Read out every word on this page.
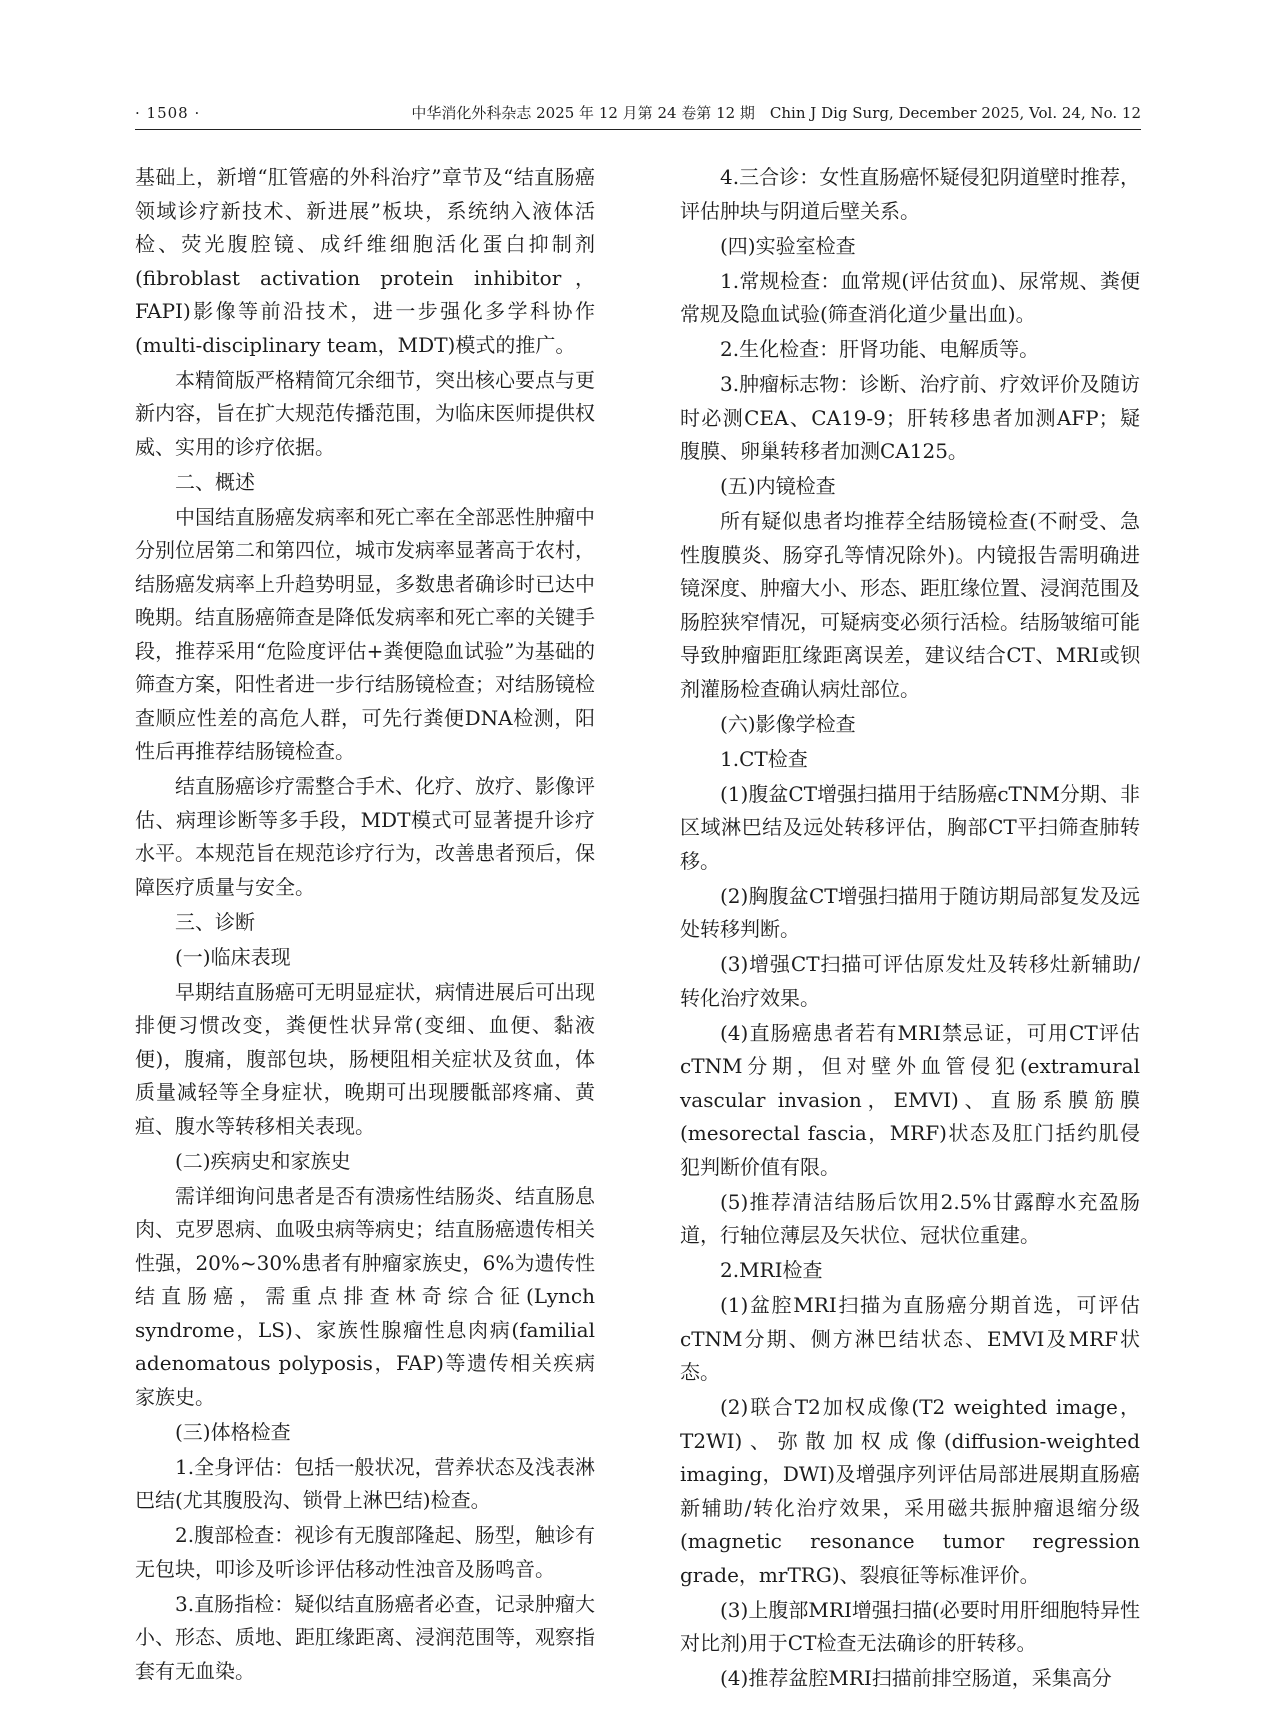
· 1508 ·	中华消化外科杂志 2025 年 12 月第 24 卷第 12 期　Chin J Dig Surg, December 2025, Vol. 24, No. 12

基础上，新增“肛管癌的外科治疗”章节及“结直肠癌领域诊疗新技术、新进展”板块，系统纳入液体活检、荧光腹腔镜、成纤维细胞活化蛋白抑制剂(fibroblast activation protein inhibitor，FAPI)影像等前沿技术，进一步强化多学科协作(multi-disciplinary team，MDT)模式的推广。

本精简版严格精简冗余细节，突出核心要点与更新内容，旨在扩大规范传播范围，为临床医师提供权威、实用的诊疗依据。

二、概述

中国结直肠癌发病率和死亡率在全部恶性肿瘤中分别位居第二和第四位，城市发病率显著高于农村，结肠癌发病率上升趋势明显，多数患者确诊时已达中晚期。结直肠癌筛查是降低发病率和死亡率的关键手段，推荐采用“危险度评估+粪便隐血试验”为基础的筛查方案，阳性者进一步行结肠镜检查；对结肠镜检查顺应性差的高危人群，可先行粪便DNA检测，阳性后再推荐结肠镜检查。

结直肠癌诊疗需整合手术、化疗、放疗、影像评估、病理诊断等多手段，MDT模式可显著提升诊疗水平。本规范旨在规范诊疗行为，改善患者预后，保障医疗质量与安全。

三、诊断

(一)临床表现

早期结直肠癌可无明显症状，病情进展后可出现排便习惯改变，粪便性状异常(变细、血便、黏液便)，腹痛，腹部包块，肠梗阻相关症状及贫血，体质量减轻等全身症状，晚期可出现腰骶部疼痛、黄疸、腹水等转移相关表现。

(二)疾病史和家族史

需详细询问患者是否有溃疡性结肠炎、结直肠息肉、克罗恩病、血吸虫病等病史；结直肠癌遗传相关性强，20%~30%患者有肿瘤家族史，6%为遗传性结直肠癌，需重点排查林奇综合征(Lynch syndrome，LS)、家族性腺瘤性息肉病(familial adenomatous polyposis，FAP)等遗传相关疾病家族史。

(三)体格检查

1.全身评估：包括一般状况，营养状态及浅表淋巴结(尤其腹股沟、锁骨上淋巴结)检查。

2.腹部检查：视诊有无腹部隆起、肠型，触诊有无包块，叩诊及听诊评估移动性浊音及肠鸣音。

3.直肠指检：疑似结直肠癌者必查，记录肿瘤大小、形态、质地、距肛缘距离、浸润范围等，观察指套有无血染。

4.三合诊：女性直肠癌怀疑侵犯阴道壁时推荐，评估肿块与阴道后壁关系。

(四)实验室检查

1.常规检查：血常规(评估贫血)、尿常规、粪便常规及隐血试验(筛查消化道少量出血)。

2.生化检查：肝肾功能、电解质等。

3.肿瘤标志物：诊断、治疗前、疗效评价及随访时必测CEA、CA19-9；肝转移患者加测AFP；疑腹膜、卵巢转移者加测CA125。

(五)内镜检查

所有疑似患者均推荐全结肠镜检查(不耐受、急性腹膜炎、肠穿孔等情况除外)。内镜报告需明确进镜深度、肿瘤大小、形态、距肛缘位置、浸润范围及肠腔狭窄情况，可疑病变必须行活检。结肠皱缩可能导致肿瘤距肛缘距离误差，建议结合CT、MRI或钡剂灌肠检查确认病灶部位。

(六)影像学检查

1.CT检查

(1)腹盆CT增强扫描用于结肠癌cTNM分期、非区域淋巴结及远处转移评估，胸部CT平扫筛查肺转移。

(2)胸腹盆CT增强扫描用于随访期局部复发及远处转移判断。

(3)增强CT扫描可评估原发灶及转移灶新辅助/转化治疗效果。

(4)直肠癌患者若有MRI禁忌证，可用CT评估cTNM分期，但对壁外血管侵犯(extramural vascular invasion，EMVI)、直肠系膜筋膜(mesorectal fascia，MRF)状态及肛门括约肌侵犯判断价值有限。

(5)推荐清洁结肠后饮用2.5%甘露醇水充盈肠道，行轴位薄层及矢状位、冠状位重建。

2.MRI检查

(1)盆腔MRI扫描为直肠癌分期首选，可评估cTNM分期、侧方淋巴结状态、EMVI及MRF状态。

(2)联合T2加权成像(T2 weighted image，T2WI)、弥散加权成像(diffusion-weighted imaging，DWI)及增强序列评估局部进展期直肠癌新辅助/转化治疗效果，采用磁共振肿瘤退缩分级(magnetic resonance tumor regression grade，mrTRG)、裂痕征等标准评价。

(3)上腹部MRI增强扫描(必要时用肝细胞特异性对比剂)用于CT检查无法确诊的肝转移。

(4)推荐盆腔MRI扫描前排空肠道，采集高分
